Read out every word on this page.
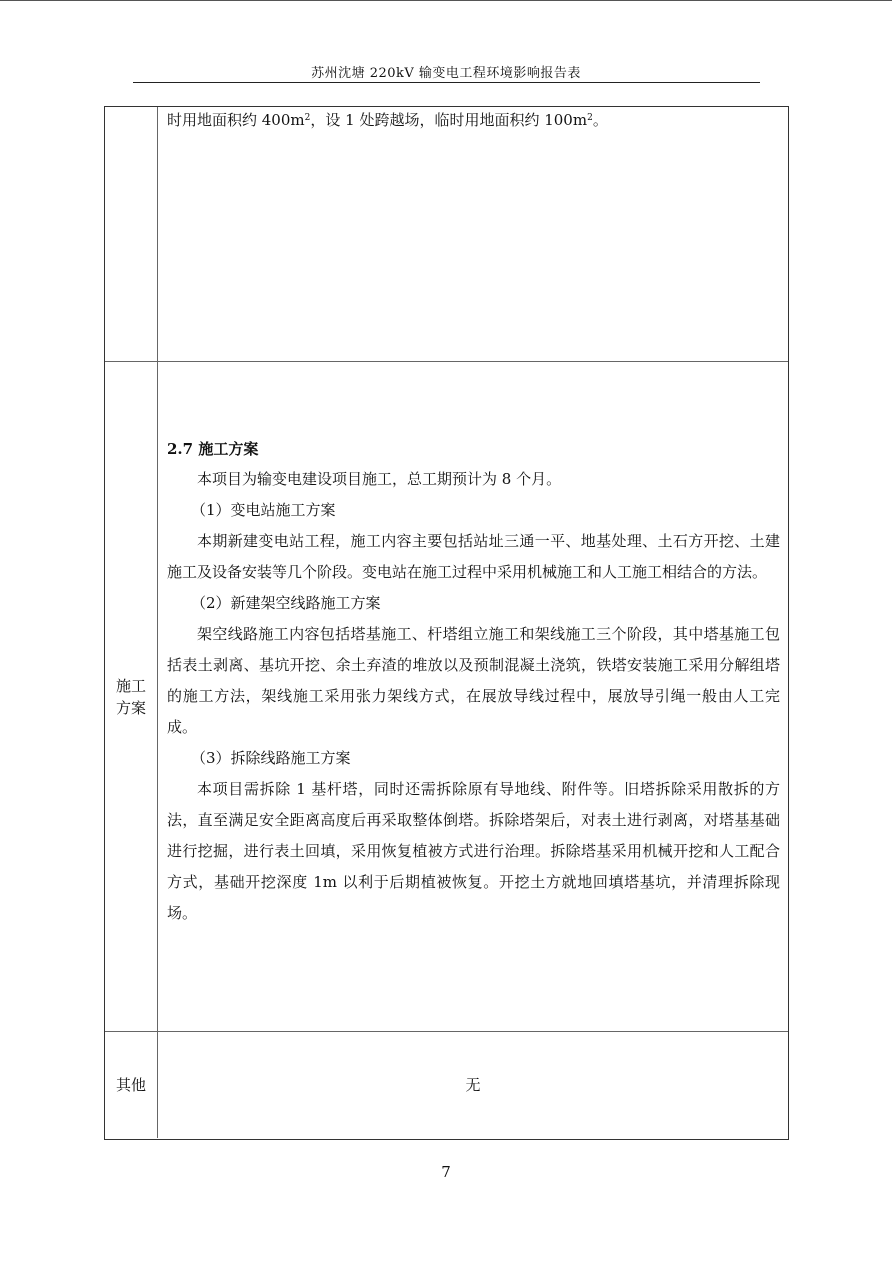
苏州沈塘 220kV 输变电工程环境影响报告表

时用地面积约 $400m^2$，设 1 处跨越场，临时用地面积约 $100m^2$。

施工
方案

2.7 施工方案

本项目为输变电建设项目施工，总工期预计为 8 个月。

（1）变电站施工方案

本期新建变电站工程，施工内容主要包括站址三通一平、地基处理、土石方开挖、土建施工及设备安装等几个阶段。变电站在施工过程中采用机械施工和人工施工相结合的方法。

（2）新建架空线路施工方案

架空线路施工内容包括塔基施工、杆塔组立施工和架线施工三个阶段，其中塔基施工包括表土剥离、基坑开挖、余土弃渣的堆放以及预制混凝土浇筑，铁塔安装施工采用分解组塔的施工方法，架线施工采用张力架线方式，在展放导线过程中，展放导引绳一般由人工完成。

（3）拆除线路施工方案

本项目需拆除 1 基杆塔，同时还需拆除原有导地线、附件等。旧塔拆除采用散拆的方法，直至满足安全距离高度后再采取整体倒塔。拆除塔架后，对表土进行剥离，对塔基基础进行挖掘，进行表土回填，采用恢复植被方式进行治理。拆除塔基采用机械开挖和人工配合方式，基础开挖深度 1m 以利于后期植被恢复。开挖土方就地回填塔基坑，并清理拆除现场。

其他	无
7
